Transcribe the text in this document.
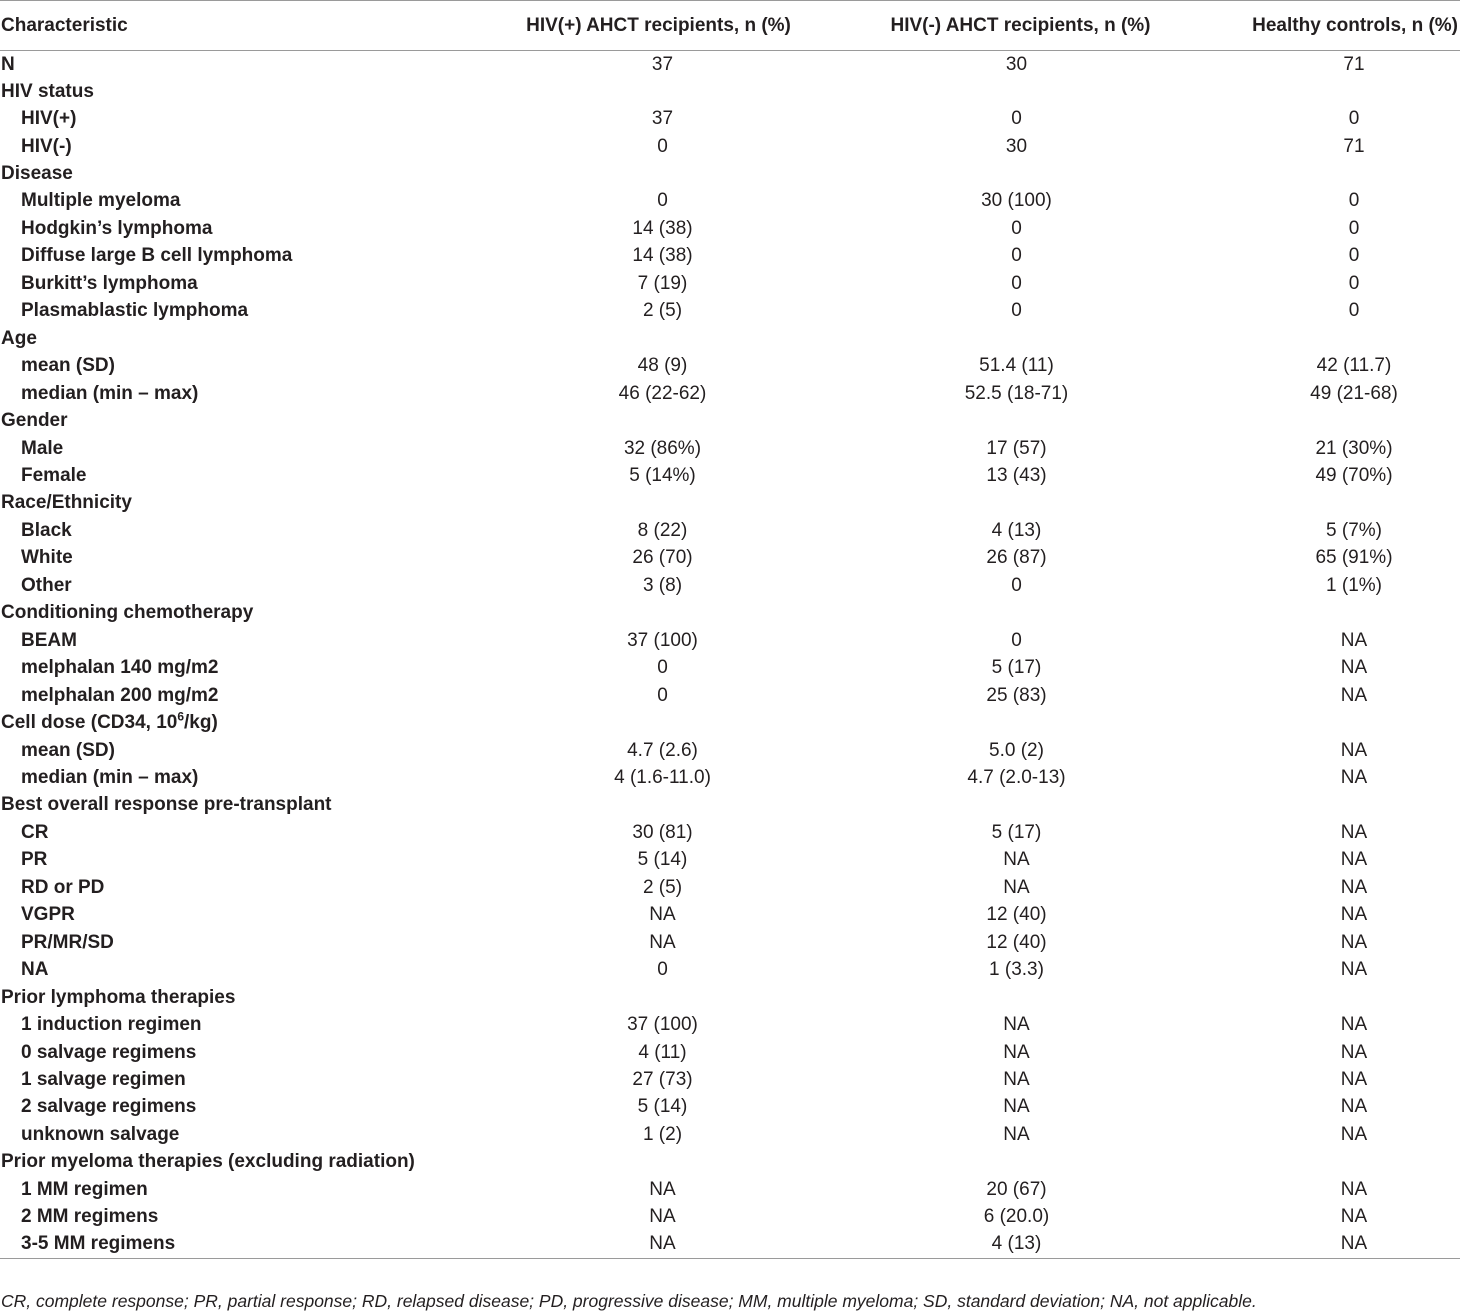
Characteristic	HIV(+) AHCT recipients, n (%)	HIV(-) AHCT recipients, n (%)	Healthy controls, n (%)
N	37	30	71
HIV status			
HIV(+)	37	0	0
HIV(-)	0	30	71
Disease			
Multiple myeloma	0	30 (100)	0
Hodgkin’s lymphoma	14 (38)	0	0
Diffuse large B cell lymphoma	14 (38)	0	0
Burkitt’s lymphoma	7 (19)	0	0
Plasmablastic lymphoma	2 (5)	0	0
Age			
mean (SD)	48 (9)	51.4 (11)	42 (11.7)
median (min – max)	46 (22-62)	52.5 (18-71)	49 (21-68)
Gender			
Male	32 (86%)	17 (57)	21 (30%)
Female	5 (14%)	13 (43)	49 (70%)
Race/Ethnicity			
Black	8 (22)	4 (13)	5 (7%)
White	26 (70)	26 (87)	65 (91%)
Other	3 (8)	0	1 (1%)
Conditioning chemotherapy			
BEAM	37 (100)	0	NA
melphalan 140 mg/m2	0	5 (17)	NA
melphalan 200 mg/m2	0	25 (83)	NA
Cell dose (CD34, $10^6/kg$)			
mean (SD)	4.7 (2.6)	5.0 (2)	NA
median (min – max)	4 (1.6-11.0)	4.7 (2.0-13)	NA
Best overall response pre-transplant			
CR	30 (81)	5 (17)	NA
PR	5 (14)	NA	NA
RD or PD	2 (5)	NA	NA
VGPR	NA	12 (40)	NA
PR/MR/SD	NA	12 (40)	NA
NA	0	1 (3.3)	NA
Prior lymphoma therapies			
1 induction regimen	37 (100)	NA	NA
0 salvage regimens	4 (11)	NA	NA
1 salvage regimen	27 (73)	NA	NA
2 salvage regimens	5 (14)	NA	NA
unknown salvage	1 (2)	NA	NA
Prior myeloma therapies (excluding radiation)			
1 MM regimen	NA	20 (67)	NA
2 MM regimens	NA	6 (20.0)	NA
3-5 MM regimens	NA	4 (13)	NA
CR, complete response; PR, partial response; RD, relapsed disease; PD, progressive disease; MM, multiple myeloma; SD, standard deviation; NA, not applicable.
